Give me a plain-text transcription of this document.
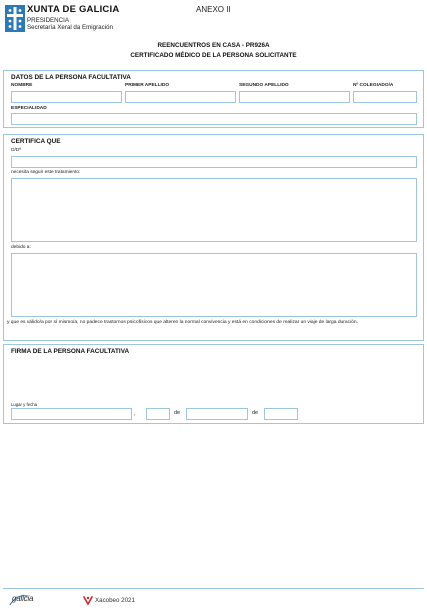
XUNTA DE GALICIA
PRESIDENCIA
Secretaría Xeral da Emigración
ANEXO II
REENCUENTROS EN CASA - PR926A
CERTIFICADO MÉDICO DE LA PERSONA SOLICITANTE
DATOS DE LA PERSONA FACULTATIVA
NOMBRE	PRIMER APELLIDO	SEGUNDO APELLIDO	Nº COLEGIADO/A
ESPECIALIDAD
CERTIFICA QUE
D/Dª
necesita seguir este tratamiento:
debido a:
y que es válido/a por sí mismo/a, no padece trastornos psicofísicos que alteren la normal convivencia y está en condiciones de realizar un viaje de larga duración.
FIRMA DE LA PERSONA FACULTATIVA
Lugar y fecha
,	de	de
galicia	Xacobeo 2021
